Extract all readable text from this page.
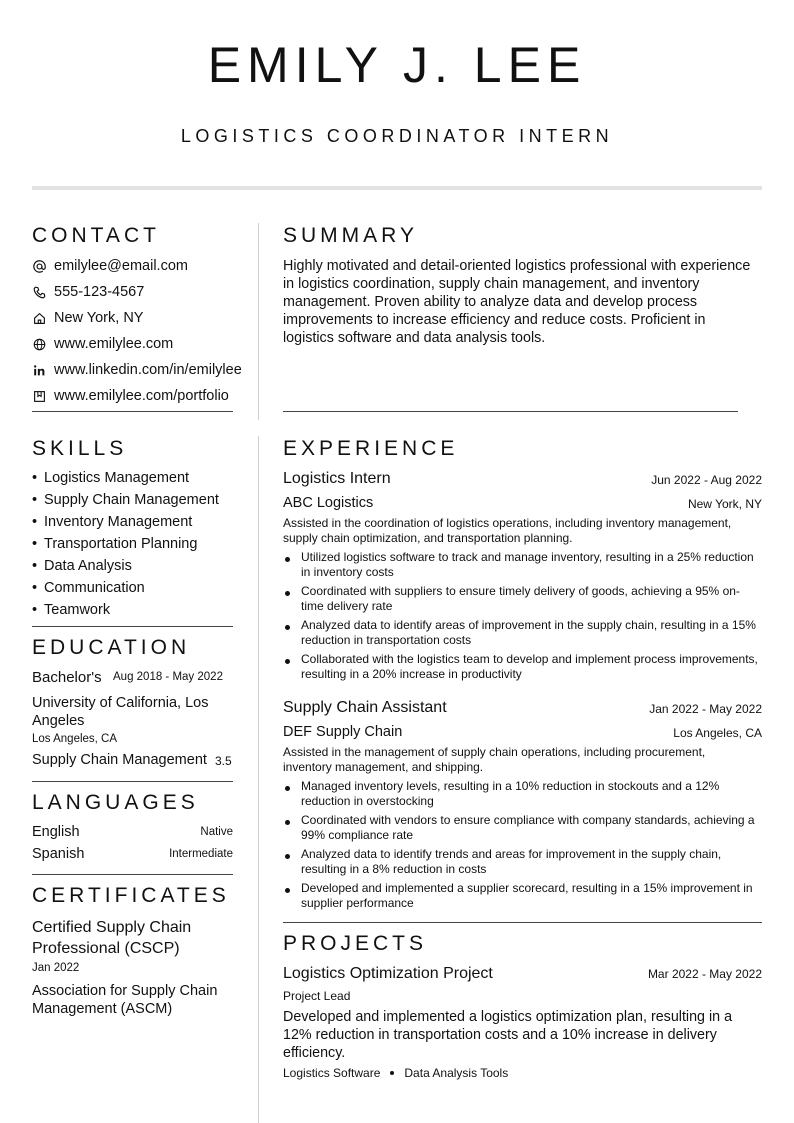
EMILY J. LEE
LOGISTICS COORDINATOR INTERN
CONTACT
emilylee@email.com
555-123-4567
New York, NY
www.emilylee.com
www.linkedin.com/in/emilylee
www.emilylee.com/portfolio
SUMMARY
Highly motivated and detail-oriented logistics professional with experience in logistics coordination, supply chain management, and inventory management. Proven ability to analyze data and develop process improvements to increase efficiency and reduce costs. Proficient in logistics software and data analysis tools.
SKILLS
• Logistics Management
• Supply Chain Management
• Inventory Management
• Transportation Planning
• Data Analysis
• Communication
• Teamwork
EDUCATION
Bachelor's Aug 2018 - May 2022
University of California, Los Angeles
Los Angeles, CA
Supply Chain Management 3.5
LANGUAGES
English	Native
Spanish	Intermediate
CERTIFICATES
Certified Supply Chain Professional (CSCP)
Jan 2022
Association for Supply Chain Management (ASCM)
EXPERIENCE
Logistics Intern	Jun 2022 - Aug 2022
ABC Logistics	New York, NY
Assisted in the coordination of logistics operations, including inventory management, supply chain optimization, and transportation planning.
Utilized logistics software to track and manage inventory, resulting in a 25% reduction in inventory costs
Coordinated with suppliers to ensure timely delivery of goods, achieving a 95% on-time delivery rate
Analyzed data to identify areas of improvement in the supply chain, resulting in a 15% reduction in transportation costs
Collaborated with the logistics team to develop and implement process improvements, resulting in a 20% increase in productivity
Supply Chain Assistant	Jan 2022 - May 2022
DEF Supply Chain	Los Angeles, CA
Assisted in the management of supply chain operations, including procurement, inventory management, and shipping.
Managed inventory levels, resulting in a 10% reduction in stockouts and a 12% reduction in overstocking
Coordinated with vendors to ensure compliance with company standards, achieving a 99% compliance rate
Analyzed data to identify trends and areas for improvement in the supply chain, resulting in a 8% reduction in costs
Developed and implemented a supplier scorecard, resulting in a 15% improvement in supplier performance
PROJECTS
Logistics Optimization Project	Mar 2022 - May 2022
Project Lead
Developed and implemented a logistics optimization plan, resulting in a 12% reduction in transportation costs and a 10% increase in delivery efficiency.
Logistics Software Data Analysis Tools
